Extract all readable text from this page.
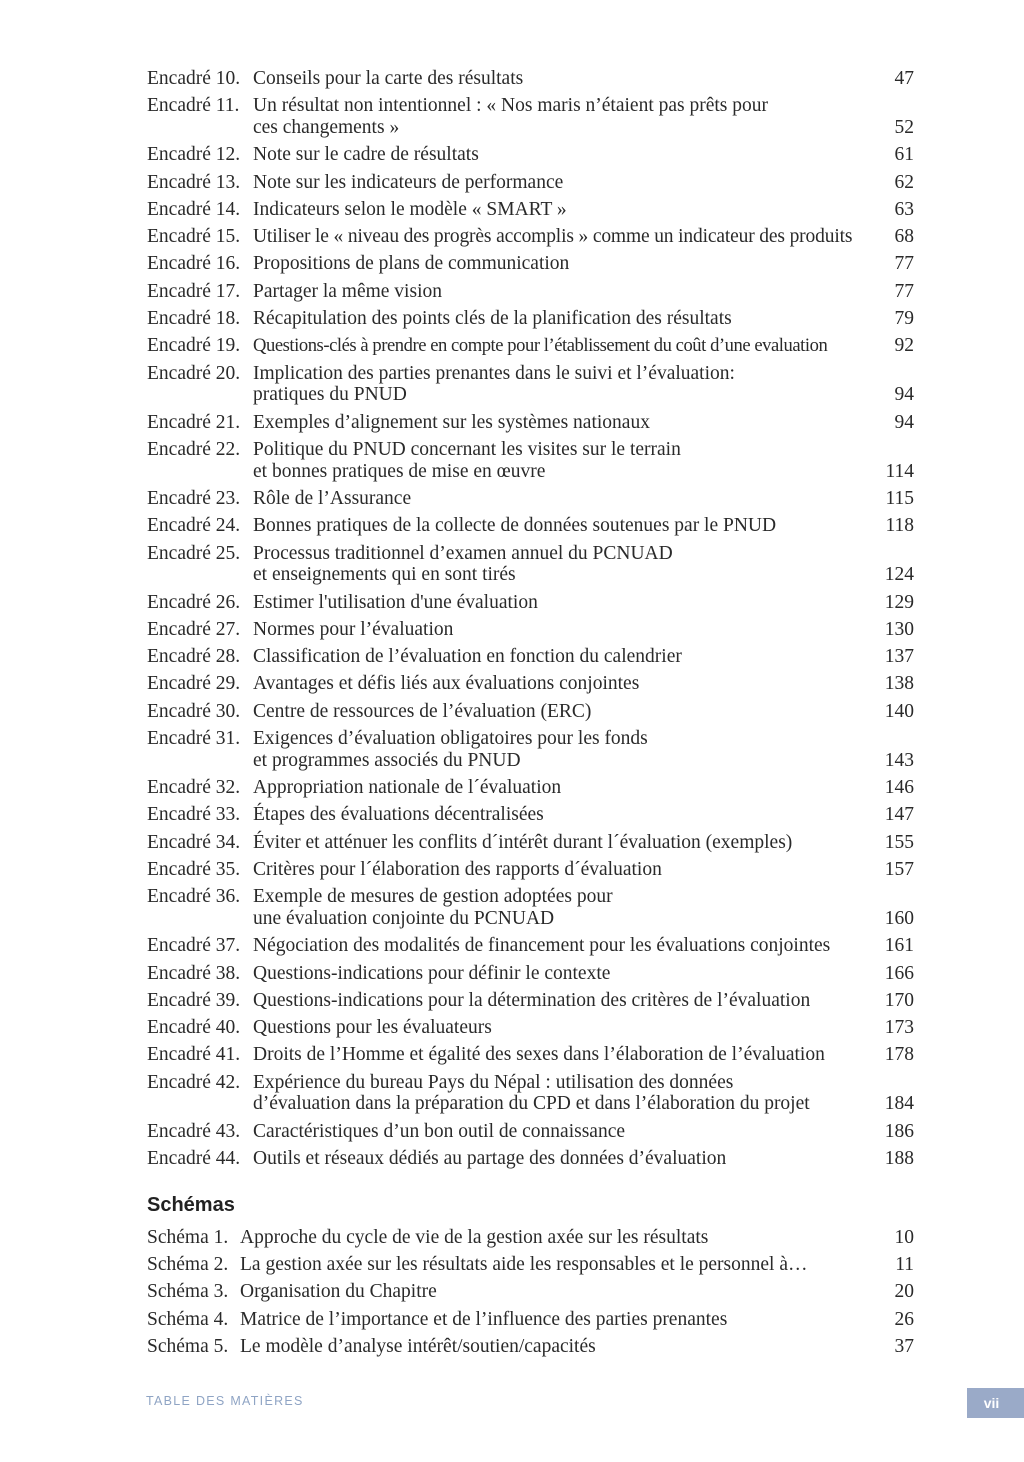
Encadré 10. Conseils pour la carte des résultats	47
Encadré 11. Un résultat non intentionnel : « Nos maris n’étaient pas prêts pour
ces changements »	52
Encadré 12. Note sur le cadre de résultats	61
Encadré 13. Note sur les indicateurs de performance	62
Encadré 14. Indicateurs selon le modèle « SMART »	63
Encadré 15. Utiliser le « niveau des progrès accomplis » comme un indicateur des produits	68
Encadré 16. Propositions de plans de communication	77
Encadré 17. Partager la même vision	77
Encadré 18. Récapitulation des points clés de la planification des résultats	79
Encadré 19. Questions-clés à prendre en compte pour l’établissement du coût d’une evaluation	92
Encadré 20. Implication des parties prenantes dans le suivi et l’évaluation:
pratiques du PNUD	94
Encadré 21. Exemples d’alignement sur les systèmes nationaux	94
Encadré 22. Politique du PNUD concernant les visites sur le terrain
et bonnes pratiques de mise en œuvre	114
Encadré 23. Rôle de l’Assurance	115
Encadré 24. Bonnes pratiques de la collecte de données soutenues par le PNUD	118
Encadré 25. Processus traditionnel d’examen annuel du PCNUAD
et enseignements qui en sont tirés	124
Encadré 26. Estimer l'utilisation d'une évaluation	129
Encadré 27. Normes pour l’évaluation	130
Encadré 28. Classification de l’évaluation en fonction du calendrier	137
Encadré 29. Avantages et défis liés aux évaluations conjointes	138
Encadré 30. Centre de ressources de l’évaluation (ERC)	140
Encadré 31. Exigences d’évaluation obligatoires pour les fonds
et programmes associés du PNUD	143
Encadré 32. Appropriation nationale de l´évaluation	146
Encadré 33. Étapes des évaluations décentralisées	147
Encadré 34. Éviter et atténuer les conflits d´intérêt durant l´évaluation (exemples)	155
Encadré 35. Critères pour l´élaboration des rapports d´évaluation	157
Encadré 36. Exemple de mesures de gestion adoptées pour
une évaluation conjointe du PCNUAD	160
Encadré 37. Négociation des modalités de financement pour les évaluations conjointes	161
Encadré 38. Questions-indications pour définir le contexte	166
Encadré 39. Questions-indications pour la détermination des critères de l’évaluation	170
Encadré 40. Questions pour les évaluateurs	173
Encadré 41. Droits de l’Homme et égalité des sexes dans l’élaboration de l’évaluation	178
Encadré 42. Expérience du bureau Pays du Népal : utilisation des données
d’évaluation dans la préparation du CPD et dans l’élaboration du projet	184
Encadré 43. Caractéristiques d’un bon outil de connaissance	186
Encadré 44. Outils et réseaux dédiés au partage des données d’évaluation	188
Schémas
Schéma 1. Approche du cycle de vie de la gestion axée sur les résultats	10
Schéma 2. La gestion axée sur les résultats aide les responsables et le personnel à…	11
Schéma 3. Organisation du Chapitre	20
Schéma 4. Matrice de l’importance et de l’influence des parties prenantes	26
Schéma 5. Le modèle d’analyse intérêt/soutien/capacités	37
TABLE DES MATIÈRES	vii
